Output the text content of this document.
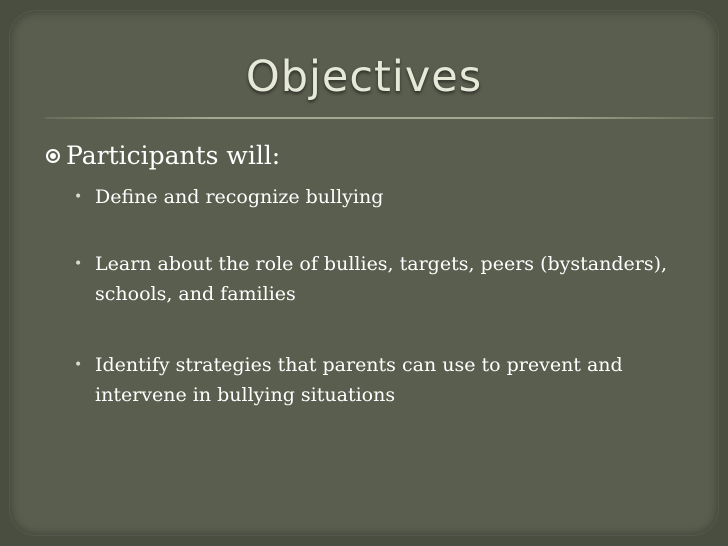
Objectives
Participants will:
• Define and recognize bullying
• Learn about the role of bullies, targets, peers (bystanders), schools, and families
• Identify strategies that parents can use to prevent and intervene in bullying situations
